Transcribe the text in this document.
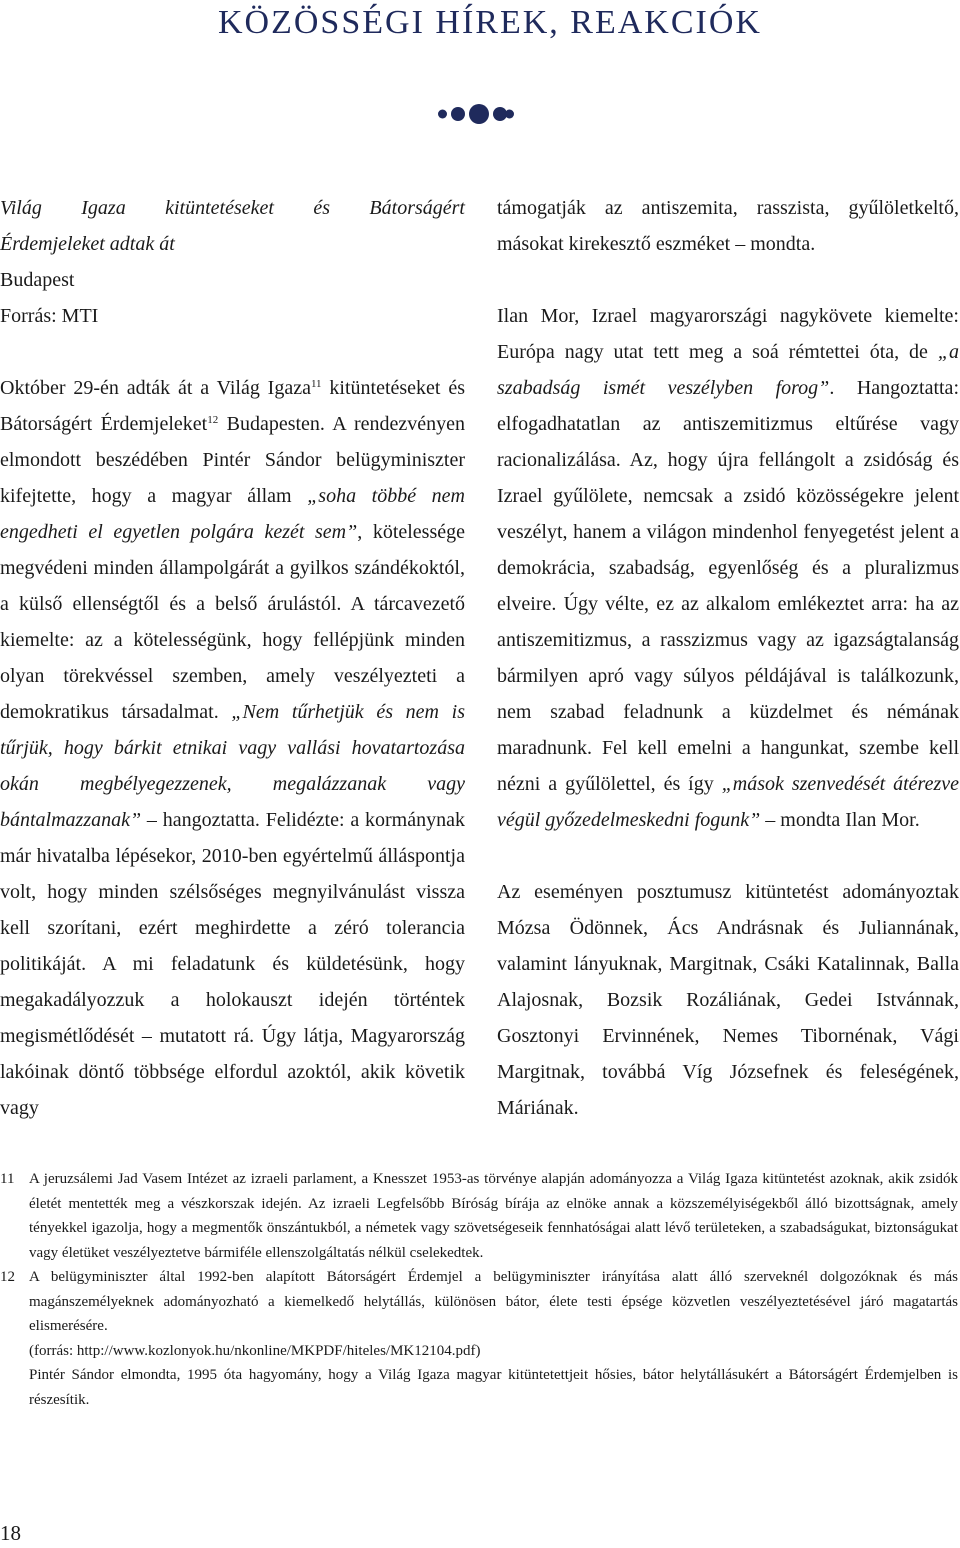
KÖZÖSSÉGI HÍREK, REAKCIÓK

Világ Igaza kitüntetéseket és Bátorságért

Érdemjeleket adtak át

Budapest

Forrás: MTI

Október 29-én adták át a Világ Igaza$^{11}$ kitüntetéseket és Bátorságért Érdemjeleket$^{12}$ Budapesten. A rendezvényen elmondott beszédében Pintér Sándor belügyminiszter kifejtette, hogy a magyar állam „soha többé nem engedheti el egyetlen polgára kezét sem”, kötelessége megvédeni minden állampolgárát a gyilkos szándékoktól, a külső ellenségtől és a belső árulástól. A tárcavezető kiemelte: az a kötelességünk, hogy fellépjünk minden olyan törekvéssel szemben, amely veszélyezteti a demokratikus társadalmat. „Nem tűrhetjük és nem is tűrjük, hogy bárkit etnikai vagy vallási hovatartozása okán megbélyegezzenek, megalázzanak vagy bántalmazzanak” – hangoztatta. Felidézte: a kormánynak már hivatalba lépésekor, 2010-ben egyértelmű álláspontja volt, hogy minden szélsőséges megnyilvánulást vissza kell szorítani, ezért meghirdette a zéró tolerancia politikáját. A mi feladatunk és küldetésünk, hogy megakadályozzuk a holokauszt idején történtek megismétlődését – mutatott rá. Úgy látja, Magyarország lakóinak döntő többsége elfordul azoktól, akik követik vagy

támogatják az antiszemita, rasszista, gyűlöletkeltő, másokat kirekesztő eszméket – mondta.

Ilan Mor, Izrael magyarországi nagykövete kiemelte: Európa nagy utat tett meg a soá rémtettei óta, de „a szabadság ismét veszélyben forog”. Hangoztatta: elfogadhatatlan az antiszemitizmus eltűrése vagy racionalizálása. Az, hogy újra fellángolt a zsidóság és Izrael gyűlölete, nemcsak a zsidó közösségekre jelent veszélyt, hanem a világon mindenhol fenyegetést jelent a demokrácia, szabadság, egyenlőség és a pluralizmus elveire. Úgy vélte, ez az alkalom emlékeztet arra: ha az antiszemitizmus, a rasszizmus vagy az igazságtalanság bármilyen apró vagy súlyos példájával is találkozunk, nem szabad feladnunk a küzdelmet és némának maradnunk. Fel kell emelni a hangunkat, szembe kell nézni a gyűlölettel, és így „mások szenvedését átérezve végül győzedelmeskedni fogunk” – mondta Ilan Mor.

Az eseményen posztumusz kitüntetést adományoztak Mózsa Ödönnek, Ács Andrásnak és Juliannának, valamint lányuknak, Margitnak, Csáki Katalinnak, Balla Alajosnak, Bozsik Rozáliának, Gedei Istvánnak, Gosztonyi Ervinnének, Nemes Tibornénak, Vági Margitnak, továbbá Víg Józsefnek és feleségének, Máriának.

11 A jeruzsálemi Jad Vasem Intézet az izraeli parlament, a Knesszet 1953-as törvénye alapján adományozza a Világ Igaza kitüntetést azoknak, akik zsidók életét mentették meg a vészkorszak idején. Az izraeli Legfelsőbb Bíróság bírája az elnöke annak a közszemélyiségekből álló bizottságnak, amely tényekkel igazolja, hogy a megmentők önszántukból, a németek vagy szövetségeseik fennhatóságai alatt lévő területeken, a szabadságukat, biztonságukat vagy életüket veszélyeztetve bármiféle ellenszolgáltatás nélkül cselekedtek.
12 A belügyminiszter által 1992-ben alapított Bátorságért Érdemjel a belügyminiszter irányítása alatt álló szerveknél dolgozóknak és más magánszemélyeknek adományozható a kiemelkedő helytállás, különösen bátor, élete testi épsége közvetlen veszélyeztetésével járó magatartás elismerésére.
(forrás: http://www.kozlonyok.hu/nkonline/MKPDF/hiteles/MK12104.pdf)
Pintér Sándor elmondta, 1995 óta hagyomány, hogy a Világ Igaza magyar kitüntetettjeit hősies, bátor helytállásukért a Bátorságért Érdemjelben is részesítik.
18
